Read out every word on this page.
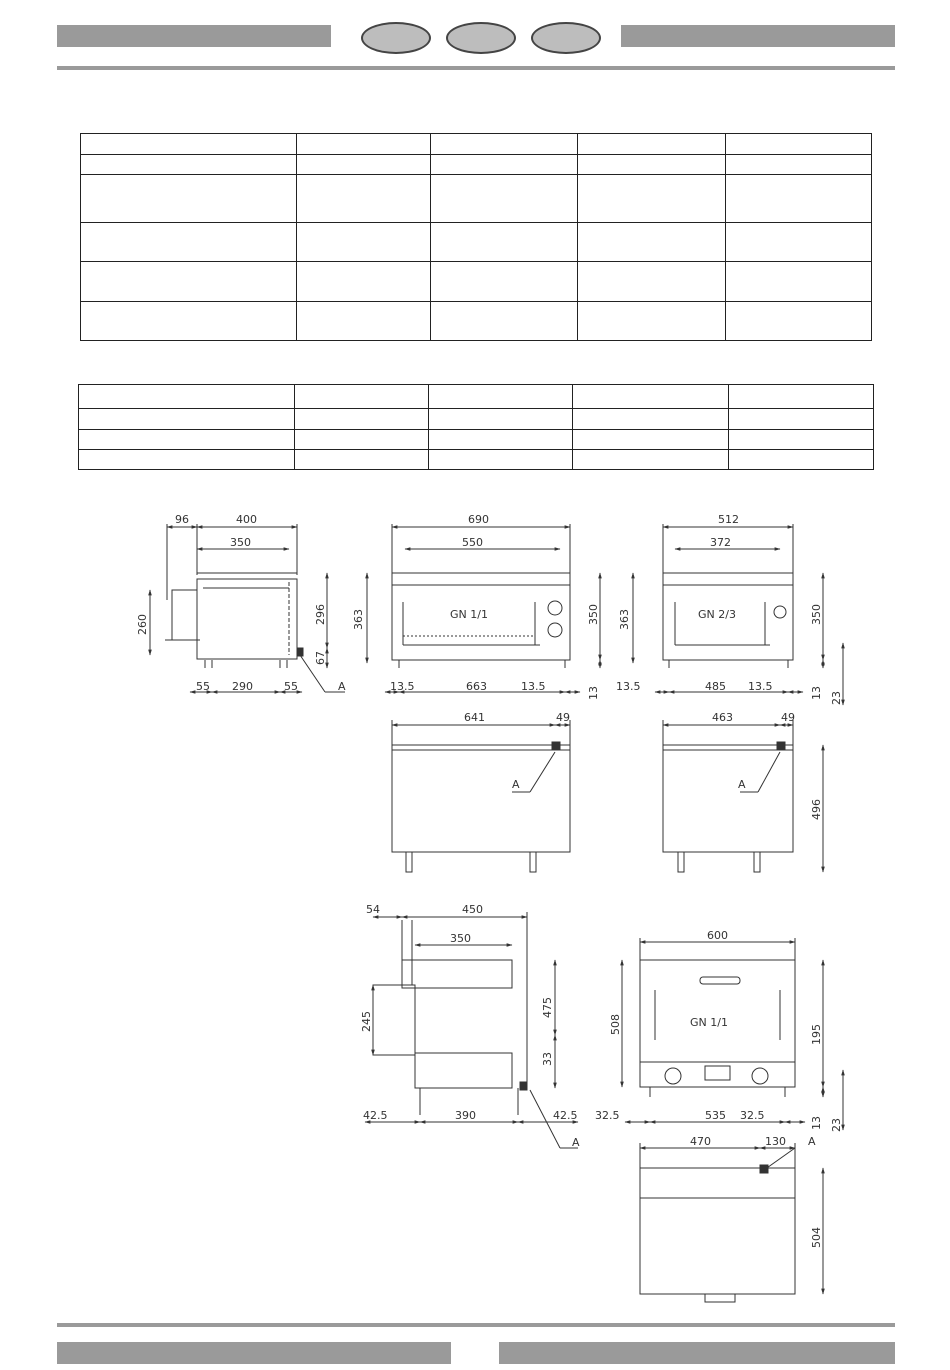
96	400
350
260	296
67
55 290	55	A
690
550
363	350
GN 1/1
13.5	663	13.5	13
512
372
363	350
GN 2/3
13.5	485 13.5	13 23
641	49
A
463	49
496
A
54	450
350
245
475
33
42.5	390	42.5
A
600
508	195
GN 1/1
32.5	535 32.5
13 23
470	130 A
504
